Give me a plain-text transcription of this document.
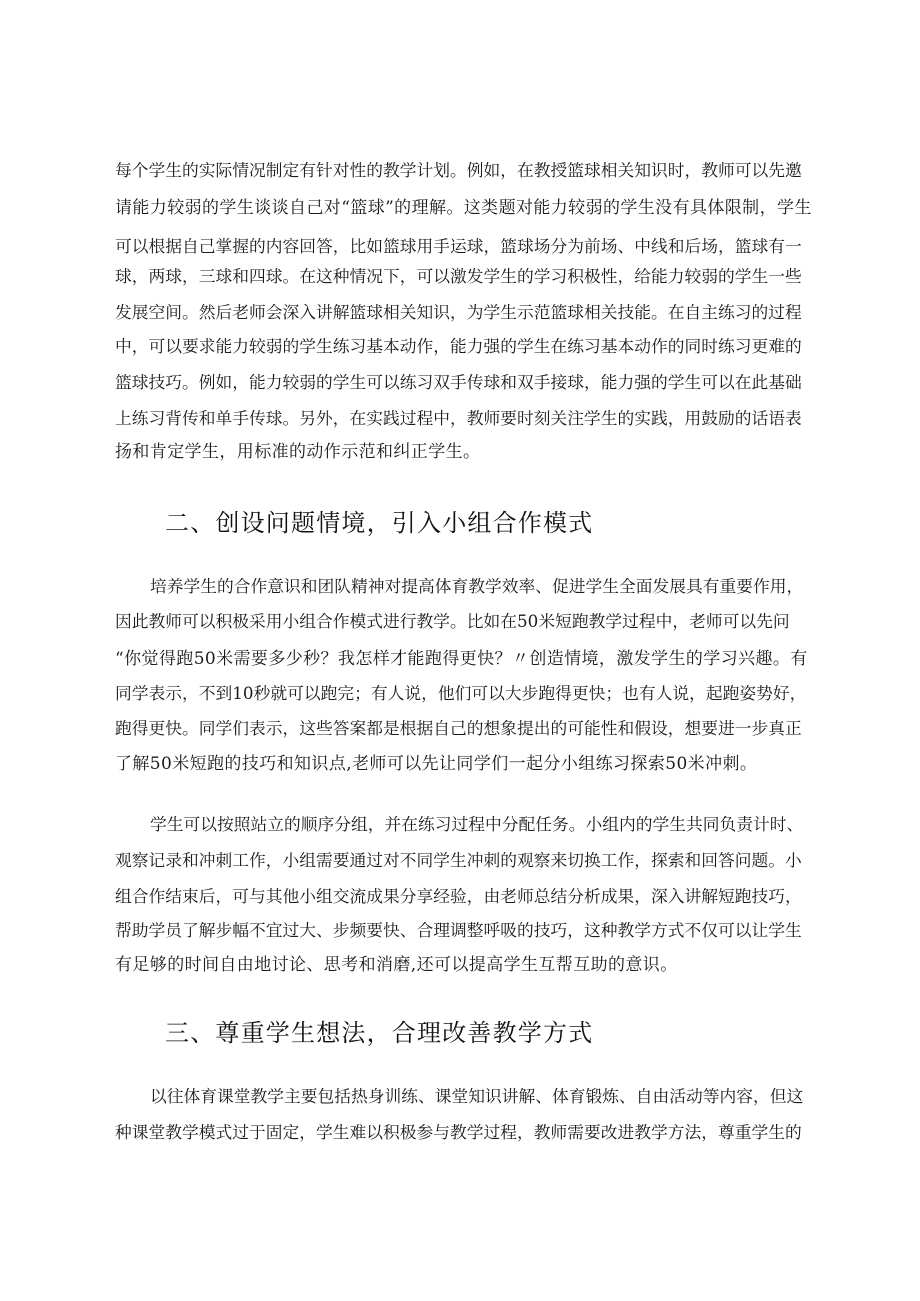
每个学生的实际情况制定有针对性的教学计划。例如，在教授篮球相关知识时，教师可以先邀
请能力较弱的学生谈谈自己对“篮球”的理解。这类题对能力较弱的学生没有具体限制，学生
可以根据自己掌握的内容回答，比如篮球用手运球，篮球场分为前场、中线和后场，篮球有一
球，两球，三球和四球。在这种情况下，可以激发学生的学习积极性，给能力较弱的学生一些
发展空间。然后老师会深入讲解篮球相关知识，为学生示范篮球相关技能。在自主练习的过程
中，可以要求能力较弱的学生练习基本动作，能力强的学生在练习基本动作的同时练习更难的
篮球技巧。例如，能力较弱的学生可以练习双手传球和双手接球，能力强的学生可以在此基础
上练习背传和单手传球。另外，在实践过程中，教师要时刻关注学生的实践，用鼓励的话语表
扬和肯定学生，用标准的动作示范和纠正学生。
二、创设问题情境，引入小组合作模式
培养学生的合作意识和团队精神对提高体育教学效率、促进学生全面发展具有重要作用，
因此教师可以积极采用小组合作模式进行教学。比如在50米短跑教学过程中，老师可以先问
“你觉得跑50米需要多少秒？我怎样才能跑得更快？〃创造情境，激发学生的学习兴趣。有
同学表示，不到10秒就可以跑完；有人说，他们可以大步跑得更快；也有人说，起跑姿势好，
跑得更快。同学们表示，这些答案都是根据自己的想象提出的可能性和假设，想要进一步真正
了解50米短跑的技巧和知识点,老师可以先让同学们一起分小组练习探索50米冲刺。
学生可以按照站立的顺序分组，并在练习过程中分配任务。小组内的学生共同负责计时、
观察记录和冲刺工作，小组需要通过对不同学生冲刺的观察来切换工作，探索和回答问题。小
组合作结束后，可与其他小组交流成果分享经验，由老师总结分析成果，深入讲解短跑技巧，
帮助学员了解步幅不宜过大、步频要快、合理调整呼吸的技巧，这种教学方式不仅可以让学生
有足够的时间自由地讨论、思考和消磨,还可以提高学生互帮互助的意识。
三、尊重学生想法，合理改善教学方式
以往体育课堂教学主要包括热身训练、课堂知识讲解、体育锻炼、自由活动等内容，但这
种课堂教学模式过于固定，学生难以积极参与教学过程，教师需要改进教学方法，尊重学生的
